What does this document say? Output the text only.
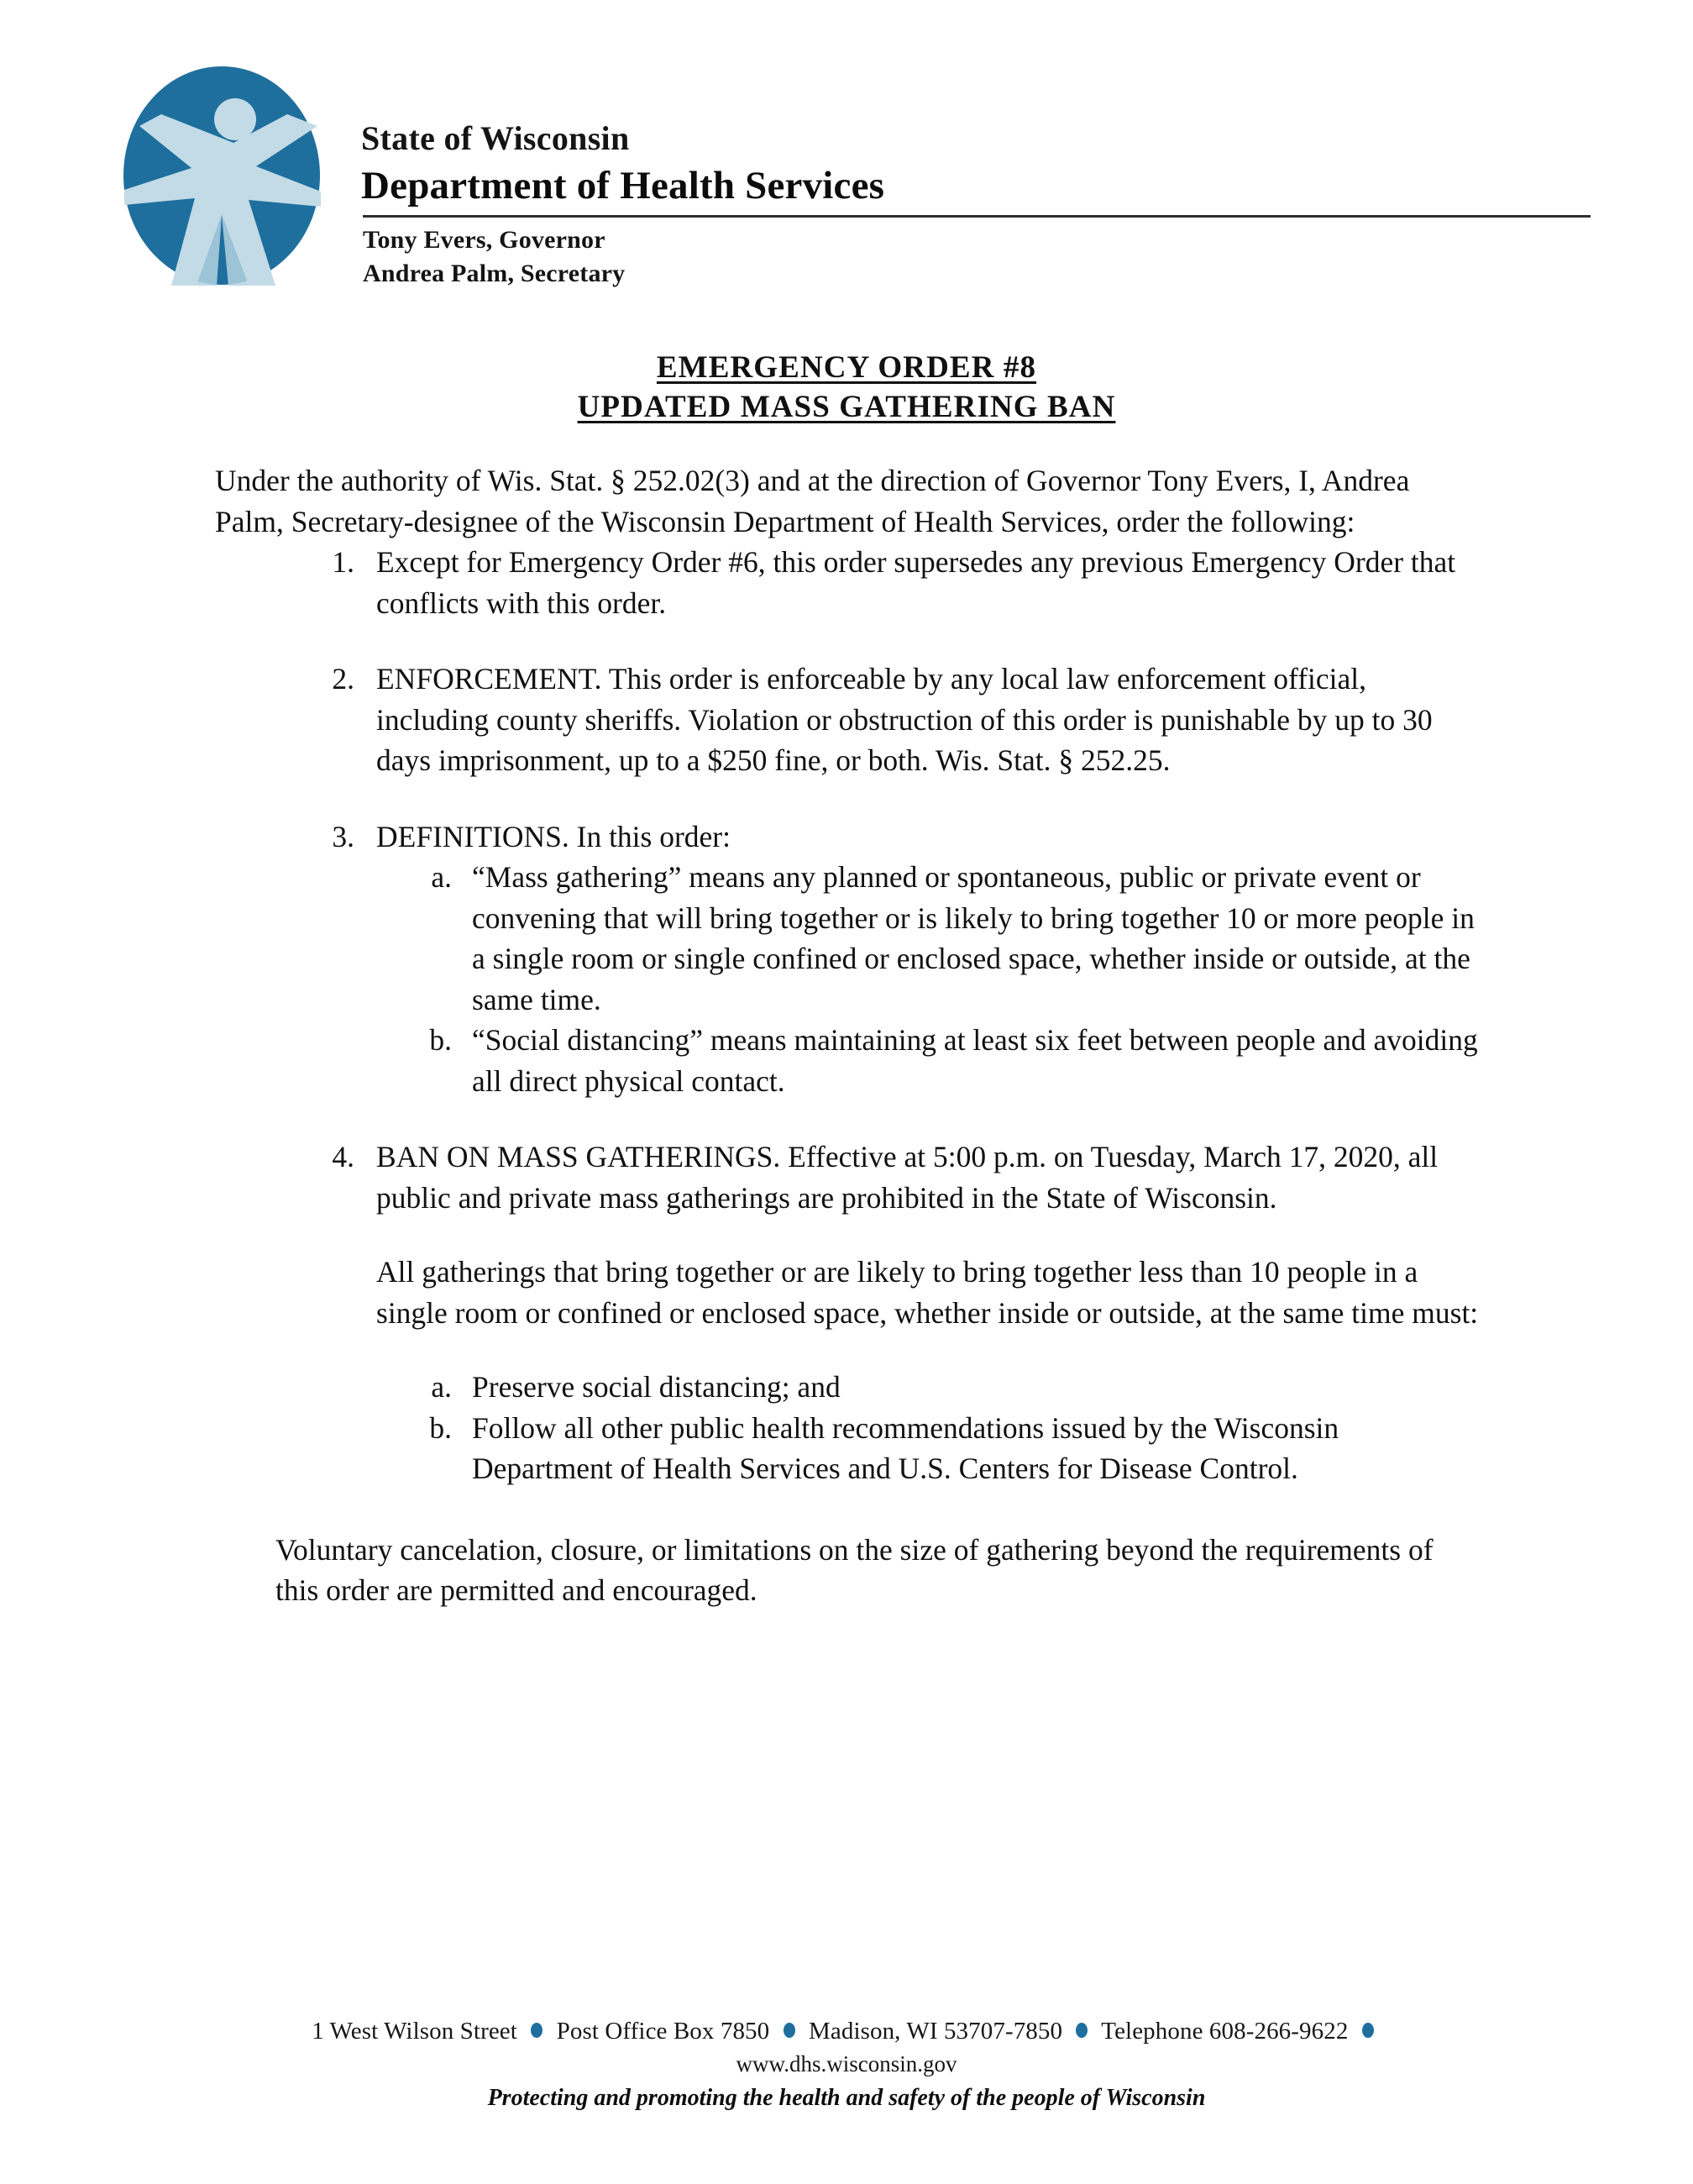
State of Wisconsin
Department of Health Services
Tony Evers, Governor
Andrea Palm, Secretary
EMERGENCY ORDER #8
UPDATED MASS GATHERING BAN

Under the authority of Wis. Stat. § 252.02(3) and at the direction of Governor Tony Evers, I, Andrea Palm, Secretary-designee of the Wisconsin Department of Health Services, order the following:

1. Except for Emergency Order #6, this order supersedes any previous Emergency Order that conflicts with this order.
2. ENFORCEMENT. This order is enforceable by any local law enforcement official, including county sheriffs. Violation or obstruction of this order is punishable by up to 30 days imprisonment, up to a $250 fine, or both. Wis. Stat. § 252.25.
3. DEFINITIONS. In this order:
a. “Mass gathering” means any planned or spontaneous, public or private event or convening that will bring together or is likely to bring together 10 or more people in a single room or single confined or enclosed space, whether inside or outside, at the same time.
b. “Social distancing” means maintaining at least six feet between people and avoiding all direct physical contact.
4. BAN ON MASS GATHERINGS. Effective at 5:00 p.m. on Tuesday, March 17, 2020, all public and private mass gatherings are prohibited in the State of Wisconsin.

All gatherings that bring together or are likely to bring together less than 10 people in a single room or confined or enclosed space, whether inside or outside, at the same time must:

a. Preserve social distancing; and
b. Follow all other public health recommendations issued by the Wisconsin Department of Health Services and U.S. Centers for Disease Control.

Voluntary cancelation, closure, or limitations on the size of gathering beyond the requirements of this order are permitted and encouraged.

1 West Wilson Street Post Office Box 7850 Madison, WI 53707-7850 Telephone 608-266-9622
www.dhs.wisconsin.gov
Protecting and promoting the health and safety of the people of Wisconsin
